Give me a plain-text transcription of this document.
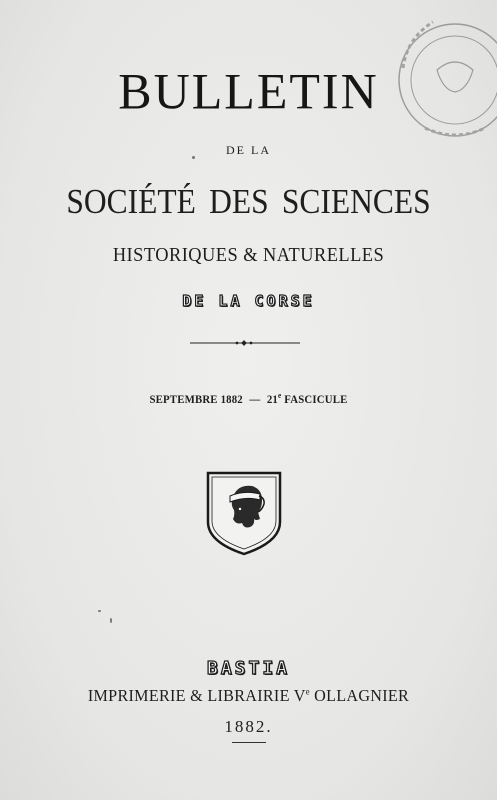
BULLETIN
DE LA
SOCIÉTÉ DES SCIENCES
HISTORIQUES & NATURELLES
DE LA CORSE
SEPTEMBRE 1882 — 21e FASCICULE
BASTIA
IMPRIMERIE & LIBRAIRIE Ve OLLAGNIER
1882.
